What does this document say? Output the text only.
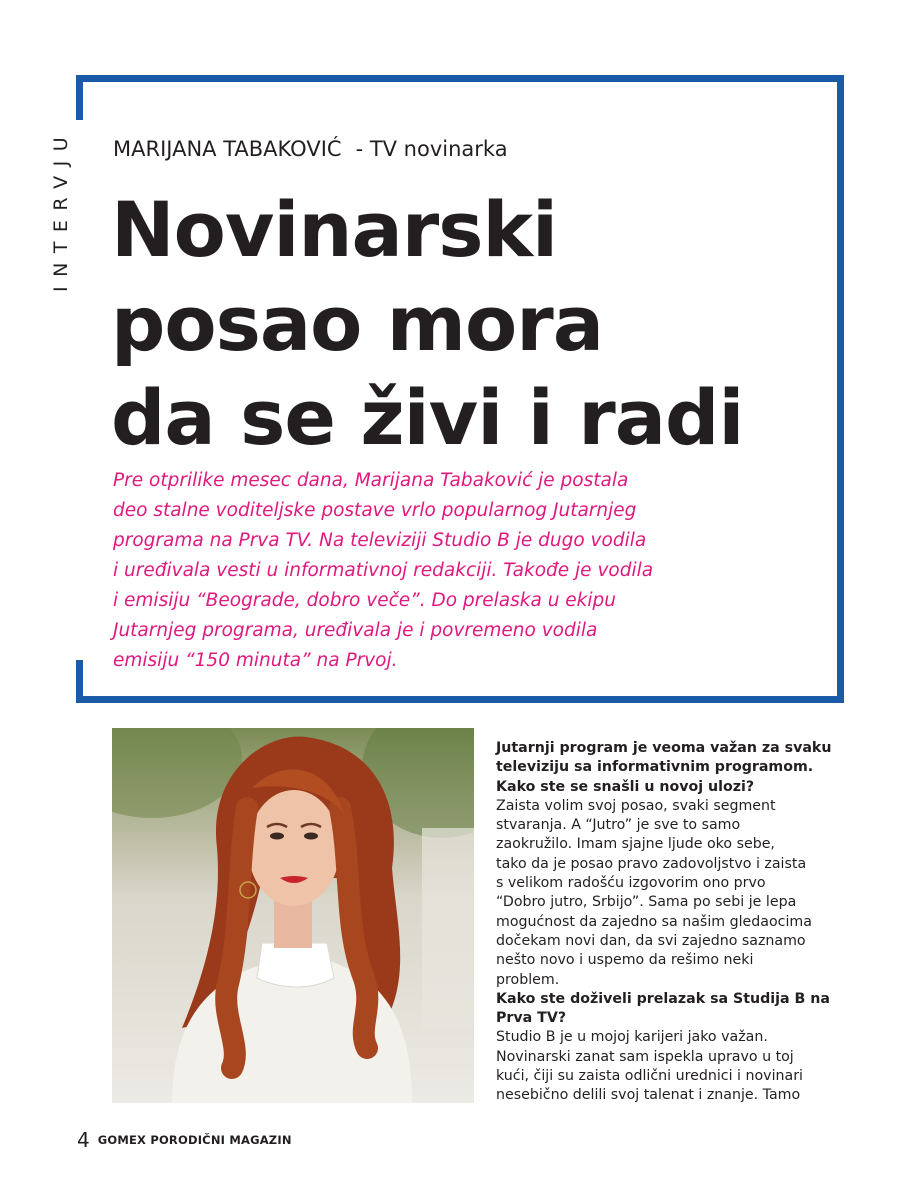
INTERVJU MARIJANA TABAKOVIĆ - TV novinarka
Novinarski
posao mora
da se živi i radi

Pre otprilike mesec dana, Marijana Tabaković je postala
deo stalne voditeljske postave vrlo popularnog Jutarnjeg
programa na Prva TV. Na televiziji Studio B je dugo vodila
i uređivala vesti u informativnoj redakciji. Takođe je vodila
i emisiju “Beograde, dobro veče”. Do prelaska u ekipu
Jutarnjeg programa, uređivala je i povremeno vodila
emisiju “150 minuta” na Prvoj.

Jutarnji program je veoma važan za svaku
televiziju sa informativnim programom.
Kako ste se snašli u novoj ulozi?
Zaista volim svoj posao, svaki segment
stvaranja. A “Jutro” je sve to samo
zaokružilo. Imam sjajne ljude oko sebe,
tako da je posao pravo zadovoljstvo i zaista
s velikom radošću izgovorim ono prvo
“Dobro jutro, Srbijo”. Sama po sebi je lepa
mogućnost da zajedno sa našim gledaocima
dočekam novi dan, da svi zajedno saznamo
nešto novo i uspemo da rešimo neki
problem.
Kako ste doživeli prelazak sa Studija B na
Prva TV?
Studio B je u mojoj karijeri jako važan.
Novinarski zanat sam ispekla upravo u toj
kući, čiji su zaista odlični urednici i novinari
nesebično delili svoj talenat i znanje. Tamo
4 GOMEX PORODIČNI MAGAZIN
